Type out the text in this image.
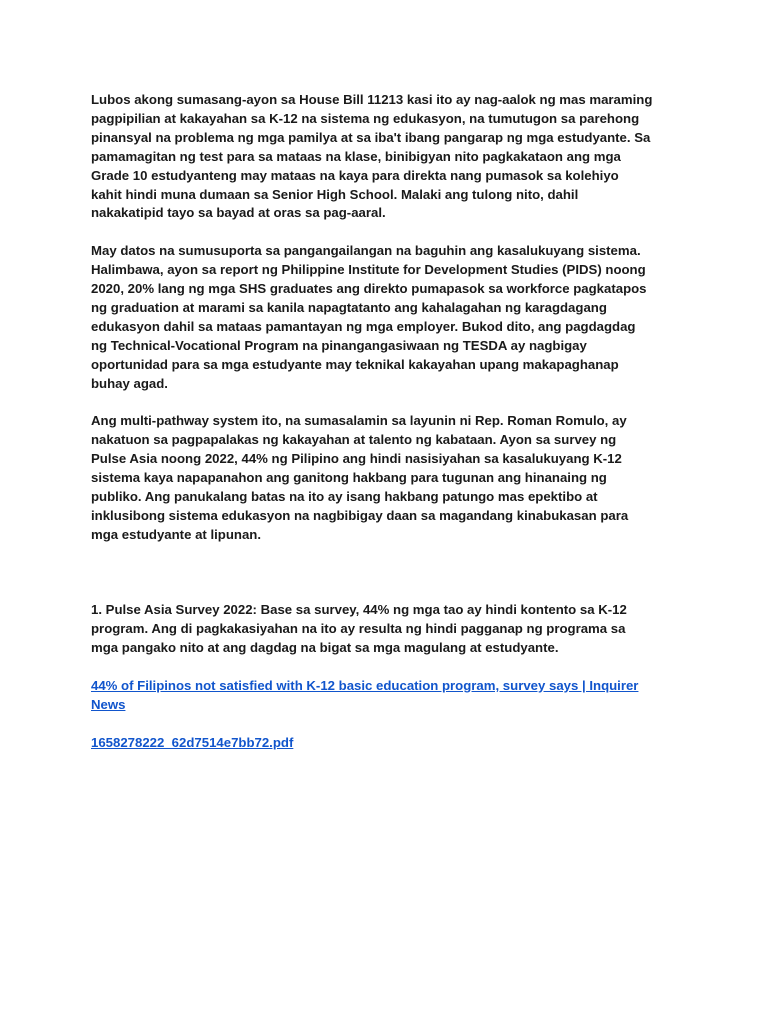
Lubos akong sumasang-ayon sa House Bill 11213 kasi ito ay nag-aalok ng mas maraming
pagpipilian at kakayahan sa K-12 na sistema ng edukasyon, na tumutugon sa parehong
pinansyal na problema ng mga pamilya at sa iba't ibang pangarap ng mga estudyante. Sa
pamamagitan ng test para sa mataas na klase, binibigyan nito pagkakataon ang mga
Grade 10 estudyanteng may mataas na kaya para direkta nang pumasok sa kolehiyo
kahit hindi muna dumaan sa Senior High School. Malaki ang tulong nito, dahil
nakakatipid tayo sa bayad at oras sa pag-aaral.
May datos na sumusuporta sa pangangailangan na baguhin ang kasalukuyang sistema.
Halimbawa, ayon sa report ng Philippine Institute for Development Studies (PIDS) noong
2020, 20% lang ng mga SHS graduates ang direkto pumapasok sa workforce pagkatapos
ng graduation at marami sa kanila napagtatanto ang kahalagahan ng karagdagang
edukasyon dahil sa mataas pamantayan ng mga employer. Bukod dito, ang pagdagdag
ng Technical-Vocational Program na pinangangasiwaan ng TESDA ay nagbigay
oportunidad para sa mga estudyante may teknikal kakayahan upang makapaghanap
buhay agad.
Ang multi-pathway system ito, na sumasalamin sa layunin ni Rep. Roman Romulo, ay
nakatuon sa pagpapalakas ng kakayahan at talento ng kabataan. Ayon sa survey ng
Pulse Asia noong 2022, 44% ng Pilipino ang hindi nasisiyahan sa kasalukuyang K-12
sistema kaya napapanahon ang ganitong hakbang para tugunan ang hinanaing ng
publiko. Ang panukalang batas na ito ay isang hakbang patungo mas epektibo at
inklusibong sistema edukasyon na nagbibigay daan sa magandang kinabukasan para
mga estudyante at lipunan.
1. Pulse Asia Survey 2022: Base sa survey, 44% ng mga tao ay hindi kontento sa K-12
program. Ang di pagkakasiyahan na ito ay resulta ng hindi pagganap ng programa sa
mga pangako nito at ang dagdag na bigat sa mga magulang at estudyante.
44% of Filipinos not satisfied with K-12 basic education program, survey says | Inquirer
News
1658278222_62d7514e7bb72.pdf
